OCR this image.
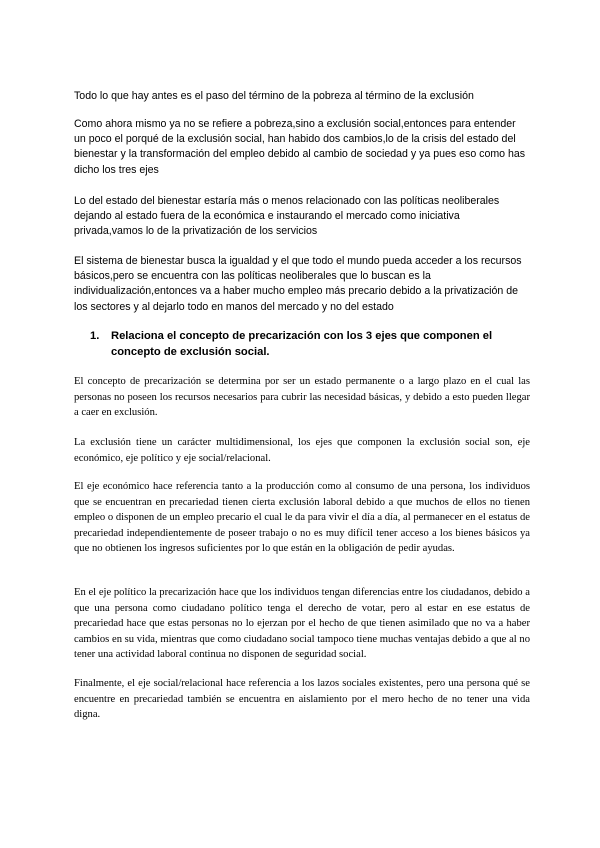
Todo lo que hay antes es el paso del término de la pobreza al término de la exclusión

Como ahora mismo ya no se refiere a pobreza,sino a exclusión social,entonces para entender un poco el porqué de la exclusión social, han habido dos cambios,lo de la crisis del estado del bienestar y la transformación del empleo debido al cambio de sociedad y ya pues eso como has dicho los tres ejes

Lo del estado del bienestar estaría más o menos relacionado con las políticas neoliberales dejando al estado fuera de la económica e instaurando el mercado como iniciativa privada,vamos lo de la privatización de los servicios

El sistema de bienestar busca la igualdad y el que todo el mundo pueda acceder a los recursos básicos,pero se encuentra con las políticas neoliberales que lo buscan es la individualización,entonces va a haber mucho empleo más precario debido a la privatización de los sectores y al dejarlo todo en manos del mercado y no del estado

1.	Relaciona el concepto de precarización con los 3 ejes que componen el concepto de exclusión social.

El concepto de precarización se determina por ser un estado permanente o a largo plazo en el cual las personas no poseen los recursos necesarios para cubrir las necesidad básicas, y debido a esto pueden llegar a caer en exclusión.

La exclusión tiene un carácter multidimensional, los ejes que componen la exclusión social son, eje económico, eje político y eje social/relacional.

El eje económico hace referencia tanto a la producción como al consumo de una persona, los individuos que se encuentran en precariedad tienen cierta exclusión laboral debido a que muchos de ellos no tienen empleo o disponen de un empleo precario el cual le da para vivir el día a día, al permanecer en el estatus de precariedad independientemente de poseer trabajo o no es muy difícil tener acceso a los bienes básicos ya que no obtienen los ingresos suficientes por lo que están en la obligación de pedir ayudas.

En el eje político la precarización hace que los individuos tengan diferencias entre los ciudadanos, debido a que una persona como ciudadano político tenga el derecho de votar, pero al estar en ese estatus de precariedad hace que estas personas no lo ejerzan por el hecho de que tienen asimilado que no va a haber cambios en su vida, mientras que como ciudadano social tampoco tiene muchas ventajas debido a que al no tener una actividad laboral continua no disponen de seguridad social.

Finalmente, el eje social/relacional hace referencia a los lazos sociales existentes, pero una persona qué se encuentre en precariedad también se encuentra en aislamiento por el mero hecho de no tener una vida digna.
